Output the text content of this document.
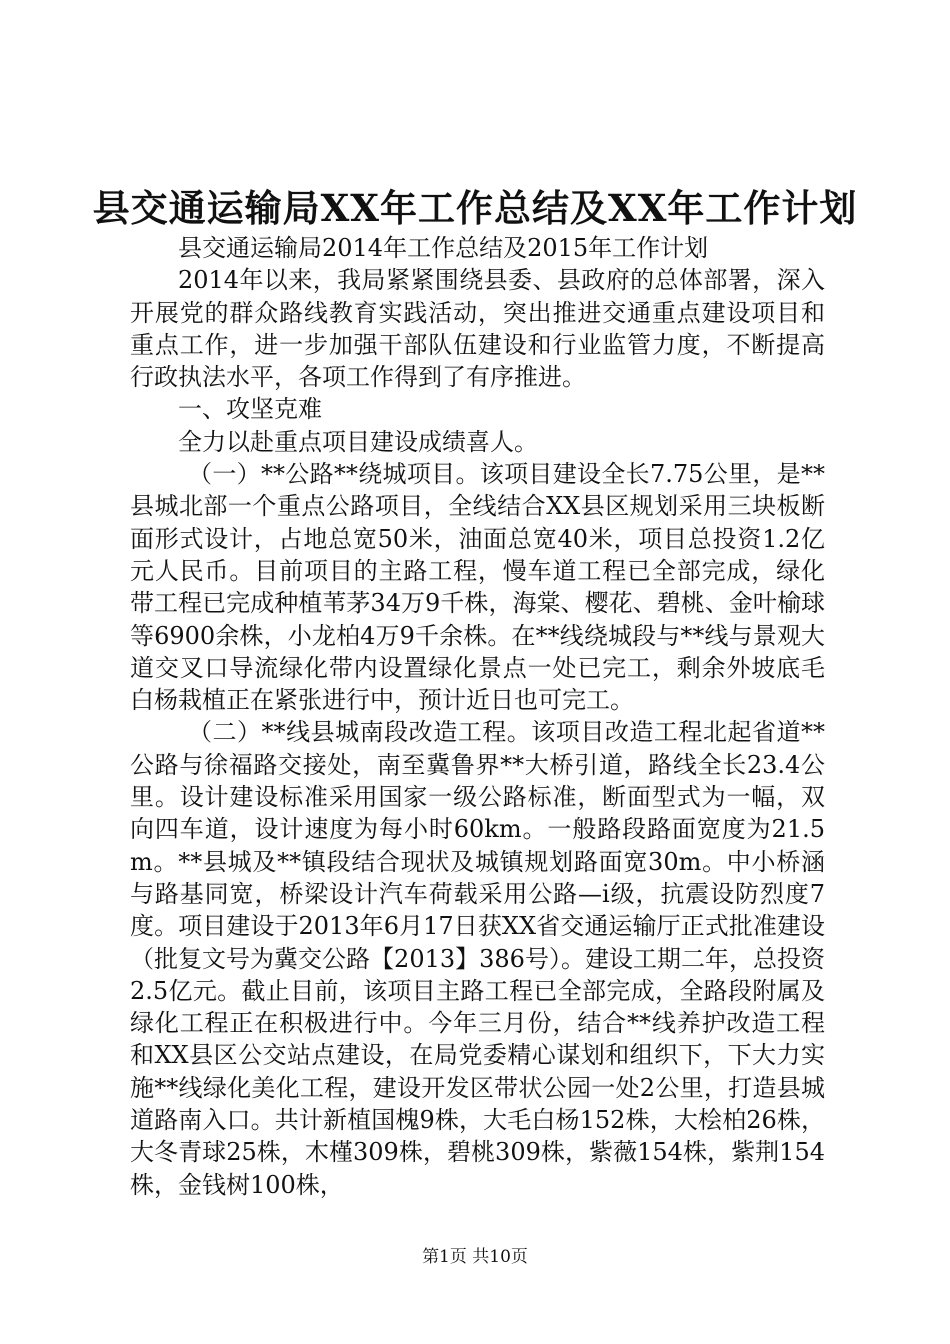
县交通运输局XX年工作总结及XX年工作计划

县交通运输局2014年工作总结及2015年工作计划

2014年以来，我局紧紧围绕县委、县政府的总体部署，深入开展党的群众路线教育实践活动，突出推进交通重点建设项目和重点工作，进一步加强干部队伍建设和行业监管力度，不断提高行政执法水平，各项工作得到了有序推进。

一、攻坚克难

全力以赴重点项目建设成绩喜人。

（一）**公路**绕城项目。该项目建设全长7.75公里，是**县城北部一个重点公路项目，全线结合XX县区规划采用三块板断面形式设计，占地总宽50米，油面总宽40米，项目总投资1.2亿元人民币。目前项目的主路工程，慢车道工程已全部完成，绿化带工程已完成种植苇茅34万9千株，海棠、樱花、碧桃、金叶榆球等6900余株，小龙柏4万9千余株。在**线绕城段与**线与景观大道交叉口导流绿化带内设置绿化景点一处已完工，剩余外坡底毛白杨栽植正在紧张进行中，预计近日也可完工。

（二）**线县城南段改造工程。该项目改造工程北起省道**公路与徐福路交接处，南至冀鲁界**大桥引道，路线全长23.4公里。设计建设标准采用国家一级公路标准，断面型式为一幅，双向四车道，设计速度为每小时60km。一般路段路面宽度为21.5m。**县城及**镇段结合现状及城镇规划路面宽30m。中小桥涵与路基同宽，桥梁设计汽车荷载采用公路—i级，抗震设防烈度7度。项目建设于2013年6月17日获XX省交通运输厅正式批准建设（批复文号为冀交公路【2013】386号）。建设工期二年，总投资2.5亿元。截止目前，该项目主路工程已全部完成，全路段附属及绿化工程正在积极进行中。今年三月份，结合**线养护改造工程和XX县区公交站点建设，在局党委精心谋划和组织下，下大力实施**线绿化美化工程，建设开发区带状公园一处2公里，打造县城道路南入口。共计新植国槐9株，大毛白杨152株，大桧柏26株，大冬青球25株，木槿309株，碧桃309株，紫薇154株，紫荆154株，金钱树100株，

第1页 共10页
